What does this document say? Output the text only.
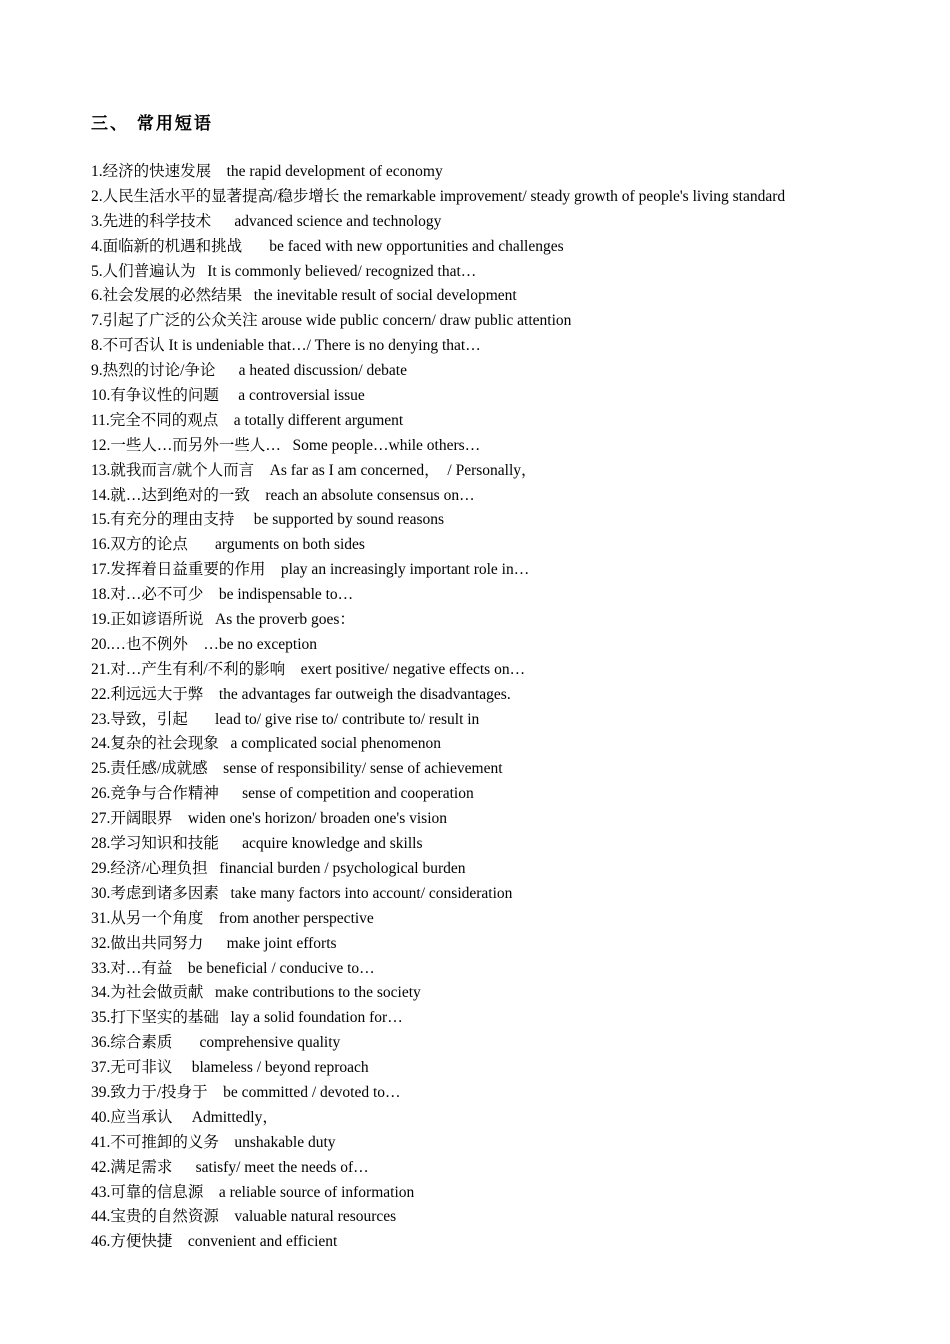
三、 常用短语
1.经济的快速发展    the rapid development of economy
2.人民生活水平的显著提高/稳步增长 the remarkable improvement/ steady growth of people's living standard
3.先进的科学技术      advanced science and technology
4.面临新的机遇和挑战       be faced with new opportunities and challenges
5.人们普遍认为   It is commonly believed/ recognized that…
6.社会发展的必然结果   the inevitable result of social development
7.引起了广泛的公众关注 arouse wide public concern/ draw public attention
8.不可否认 It is undeniable that…/ There is no denying that…
9.热烈的讨论/争论      a heated discussion/ debate
10.有争议性的问题     a controversial issue
11.完全不同的观点    a totally different argument
12.一些人…而另外一些人…   Some people…while others…
13.就我而言/就个人而言    As far as I am concerned，  / Personally，
14.就…达到绝对的一致    reach an absolute consensus on…
15.有充分的理由支持     be supported by sound reasons
16.双方的论点       arguments on both sides
17.发挥着日益重要的作用    play an increasingly important role in…
18.对…必不可少    be indispensable to…
19.正如谚语所说   As the proverb goes：
20.…也不例外    …be no exception
21.对…产生有利/不利的影响    exert positive/ negative effects on…
22.利远远大于弊    the advantages far outweigh the disadvantages.
23.导致，引起       lead to/ give rise to/ contribute to/ result in
24.复杂的社会现象   a complicated social phenomenon
25.责任感/成就感    sense of responsibility/ sense of achievement
26.竞争与合作精神      sense of competition and cooperation
27.开阔眼界    widen one's horizon/ broaden one's vision
28.学习知识和技能      acquire knowledge and skills
29.经济/心理负担   financial burden / psychological burden
30.考虑到诸多因素   take many factors into account/ consideration
31.从另一个角度    from another perspective
32.做出共同努力      make joint efforts
33.对…有益    be beneficial / conducive to…
34.为社会做贡献   make contributions to the society
35.打下坚实的基础   lay a solid foundation for…
36.综合素质       comprehensive quality
37.无可非议     blameless / beyond reproach
39.致力于/投身于    be committed / devoted to…
40.应当承认     Admittedly，
41.不可推卸的义务    unshakable duty
42.满足需求      satisfy/ meet the needs of…
43.可靠的信息源    a reliable source of information
44.宝贵的自然资源    valuable natural resources
46.方便快捷    convenient and efficient
